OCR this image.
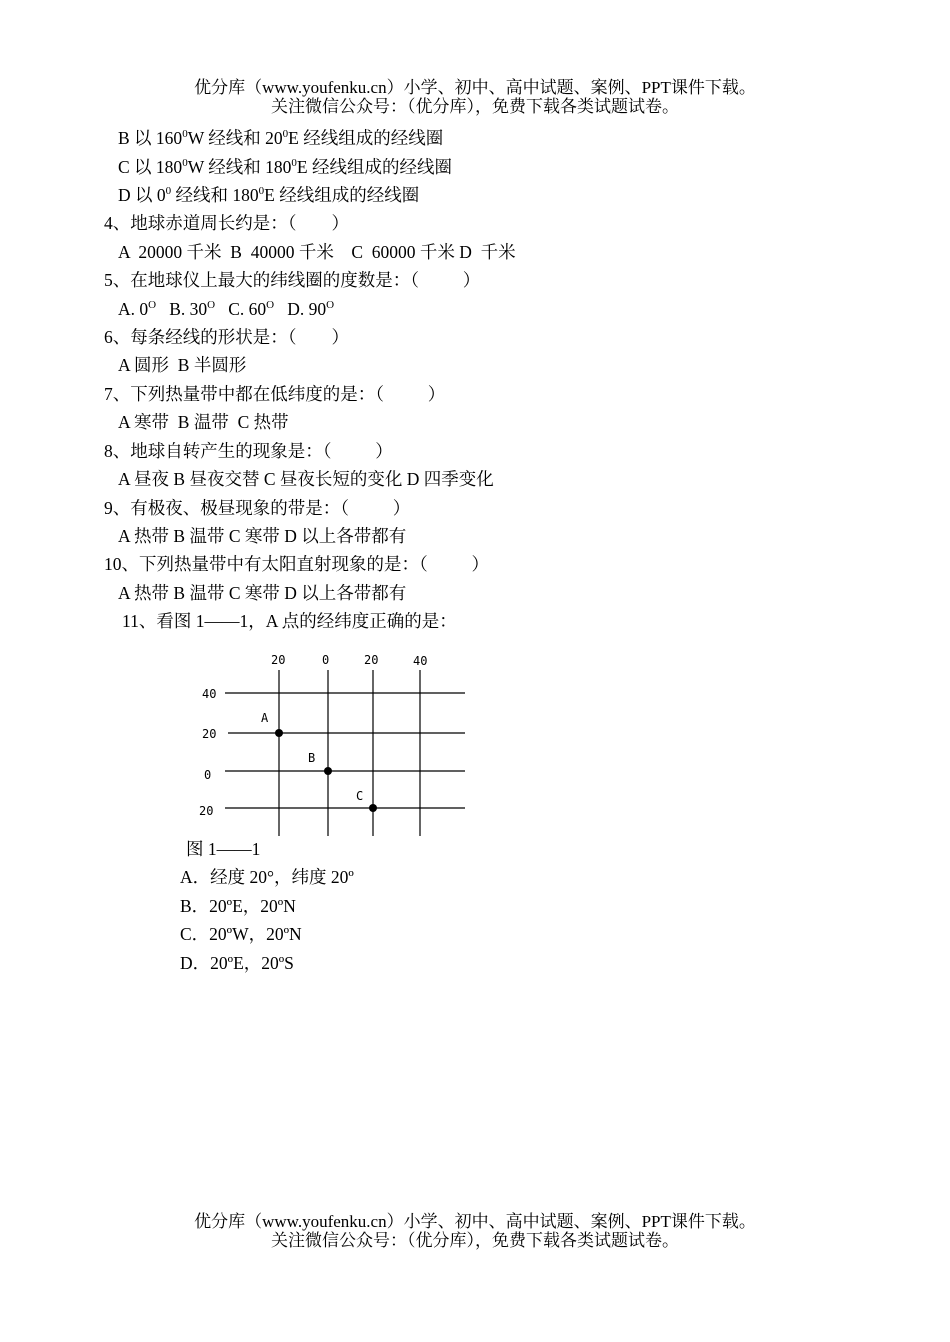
优分库（www.youfenku.cn）小学、初中、高中试题、案例、PPT课件下载。
关注微信公众号：（优分库），免费下载各类试题试卷。
B 以 $160^0W$ 经线和 $20^0E$ 经线组成的经线圈
C 以 $180^0W$ 经线和 $180^0E$ 经线组成的经线圈
D 以 $0^0$ 经线和 $180^0E$ 经线组成的经线圈
4、地球赤道周长约是：（        ）
A  20000 千米  B  40000 千米    C  60000 千米 D  千米
5、在地球仪上最大的纬线圈的度数是：（          ）
A. $0^O$   B. $30^O$   C. $60^O$   D. $90^O$
6、每条经线的形状是：（        ）
A 圆形  B 半圆形
7、下列热量带中都在低纬度的是：（          ）
A 寒带  B 温带  C 热带
8、地球自转产生的现象是：（          ）
A 昼夜 B 昼夜交替 C 昼夜长短的变化 D 四季变化
9、有极夜、极昼现象的带是：（          ）
A 热带 B 温带 C 寒带 D 以上各带都有
10、下列热量带中有太阳直射现象的是：（          ）
A 热带 B 温带 C 寒带 D 以上各带都有
11、看图 1——1，A 点的经纬度正确的是：
20	0	20	40
40
20
0
20
A
B
C
图 1——1
A．经度 20°，纬度 20º
B．20ºE，20ºN
C．20ºW，20ºN
D．20ºE，20ºS
优分库（www.youfenku.cn）小学、初中、高中试题、案例、PPT课件下载。
关注微信公众号：（优分库），免费下载各类试题试卷。
